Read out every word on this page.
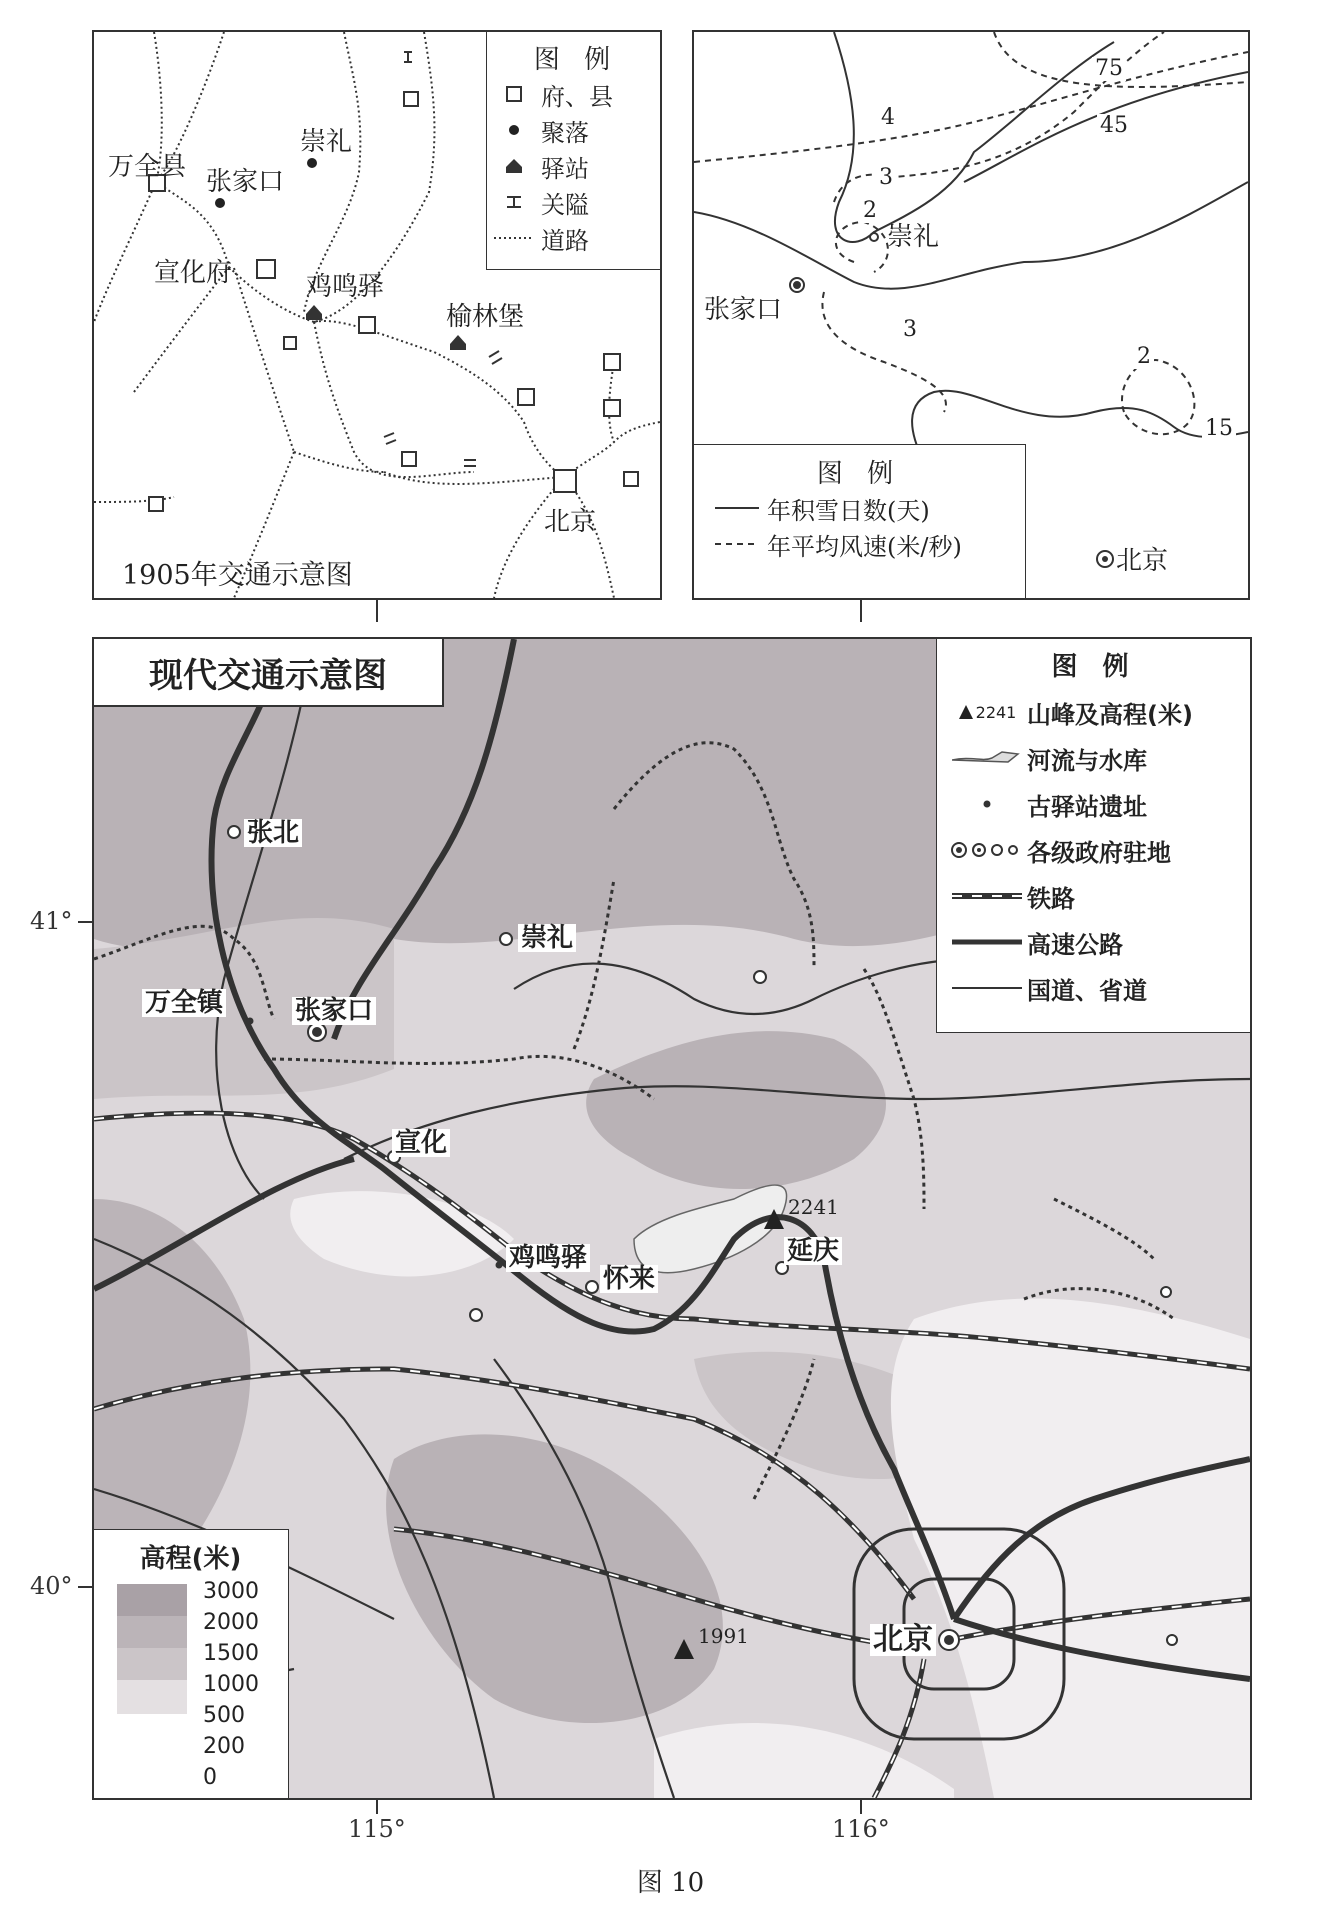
崇礼
万全县 张家口
宣化府	鸡鸣驿
榆林堡
北京
1905年交通示意图
图 例
府、县
聚落
驿站
关隘
道路
75
45
15
4
3
2
3
2
崇礼
张家口
图 例
年积雪日数(天)
年平均风速(米/秒)	北京
现代交通示意图
张北
崇礼
万全镇	张家口
宣化
鸡鸣驿
怀来
延庆
北京
2241
1991
图 例
2241 山峰及高程(米)
河流与水库
古驿站遗址
各级政府驻地
铁路
高速公路
国道、省道
高程(米)
3000
2000
1500
1000
500
200
0
41°
40°
115°	116°
图 10
